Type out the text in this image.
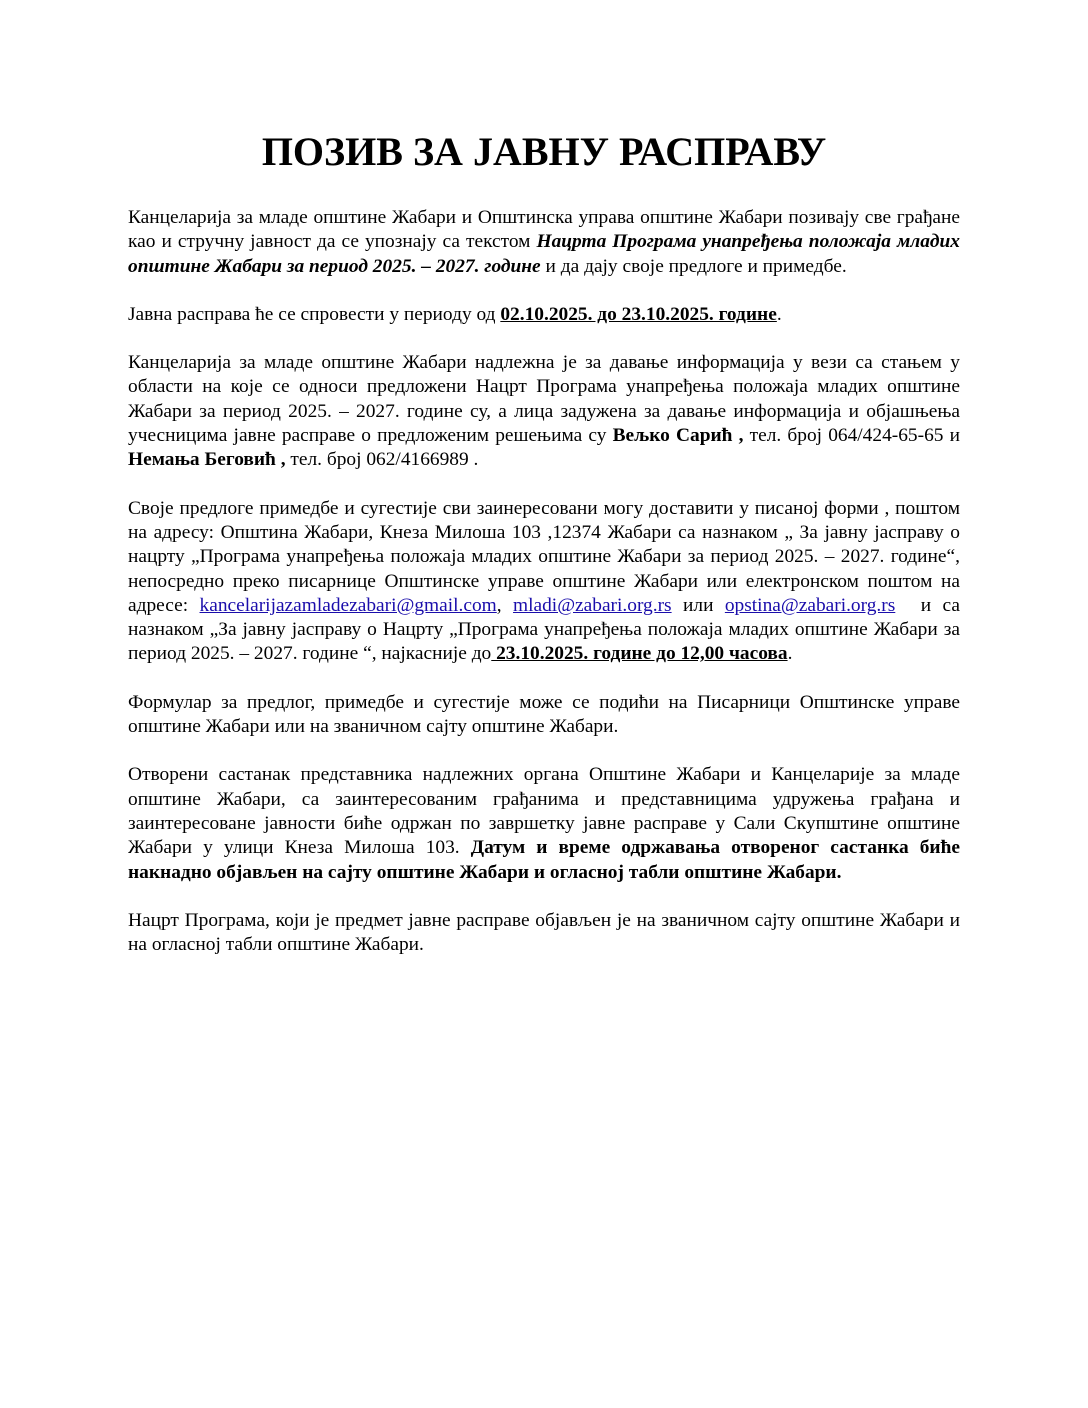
ПОЗИВ ЗА ЈАВНУ РАСПРАВУ

Канцеларија за младе општине Жабари и Општинска управа општине Жабари позивају све грађане као и стручну јавност да се упознају са текстом Нацрта Програма унапређења положаја младих општине Жабари за период 2025. – 2027. године и да дају своје предлоге и примедбе.

Јавна расправа ће се спровести у периоду од 02.10.2025. до 23.10.2025. године.

Канцеларија за младе општине Жабари надлежна је за давање информација у вези са стањем у области на које се односи предложени Нацрт Програма унапређења положаја младих општине Жабари за период 2025. – 2027. године су, а лица задужена за давање информација и објашњења учесницима јавне расправе о предложеним решењима су Вељко Сарић , тел. број 064/424-65-65 и Немања Беговић , тел. број 062/4166989 .

Своје предлоге примедбе и сугестије сви заинересовани могу доставити у писаној форми , поштом на адресу: Општина Жабари, Кнеза Милоша 103 ,12374 Жабари са назнаком „ За јавну јасправу о нацрту „Програма унапређења положаја младих општине Жабари за период 2025. – 2027. године“, непосредно преко писарнице Општинске управе општине Жабари или електронском поштом на адресе: kancelarijazamladezabari@gmail.com, mladi@zabari.org.rs или opstina@zabari.org.rs и са назнаком „За јавну јасправу о Нацрту „Програма унапређења положаја младих општине Жабари за период 2025. – 2027. године “, најкасније до 23.10.2025. године до 12,00 часова.

Формулар за предлог, примедбе и сугестије може се подићи на Писарници Општинске управе општине Жабари или на званичном сајту општине Жабари.

Отворени састанак представника надлежних органа Општине Жабари и Канцеларије за младе општине Жабари, са заинтересованим грађанима и представницима удружења грађана и заинтересоване јавности биће одржан по завршетку јавне расправе у Сали Скупштине општине Жабари у улици Кнеза Милоша 103. Датум и време одржавања отвореног састанка биће накнадно објављен на сајту општине Жабари и огласној табли општине Жабари.

Нацрт Програма, који је предмет јавне расправе објављен је на званичном сајту општине Жабари и на огласној табли општине Жабари.
